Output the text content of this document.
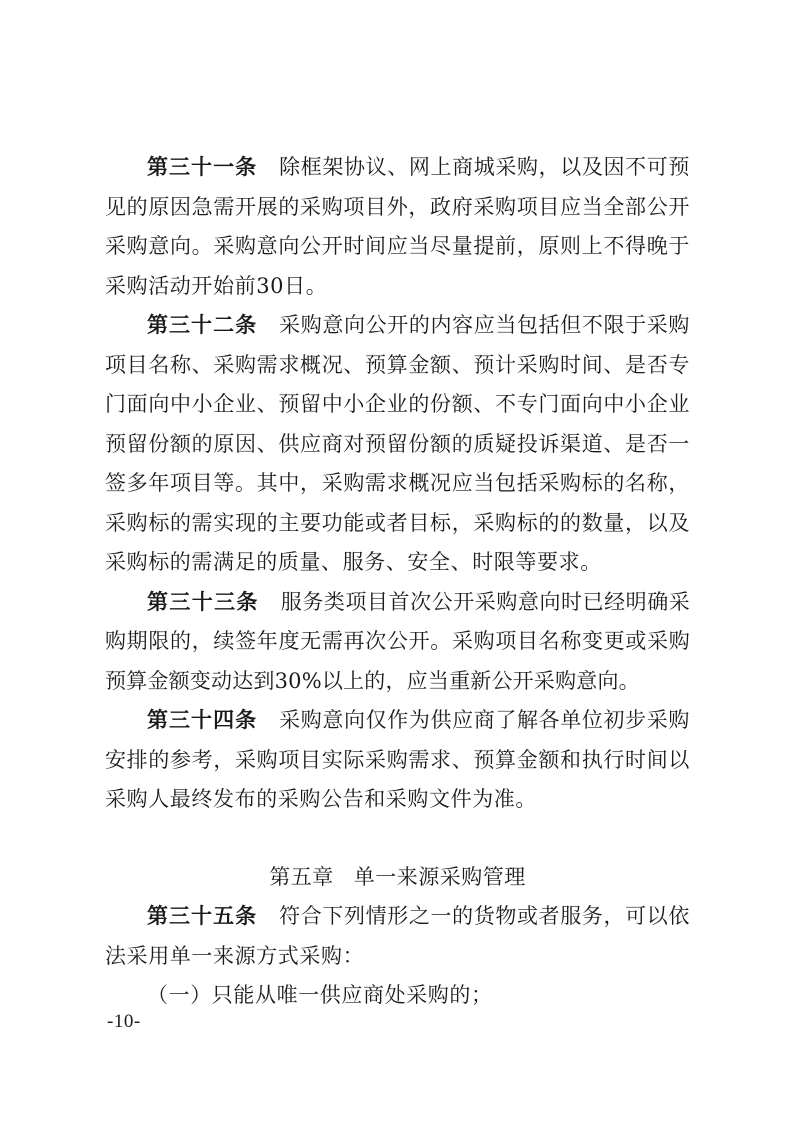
第三十一条 除框架协议、网上商城采购，以及因不可预见的原因急需开展的采购项目外，政府采购项目应当全部公开采购意向。采购意向公开时间应当尽量提前，原则上不得晚于采购活动开始前30日。

第三十二条 采购意向公开的内容应当包括但不限于采购项目名称、采购需求概况、预算金额、预计采购时间、是否专门面向中小企业、预留中小企业的份额、不专门面向中小企业预留份额的原因、供应商对预留份额的质疑投诉渠道、是否一签多年项目等。其中，采购需求概况应当包括采购标的名称，采购标的需实现的主要功能或者目标，采购标的的数量，以及采购标的需满足的质量、服务、安全、时限等要求。

第三十三条 服务类项目首次公开采购意向时已经明确采购期限的，续签年度无需再次公开。采购项目名称变更或采购预算金额变动达到30%以上的，应当重新公开采购意向。

第三十四条 采购意向仅作为供应商了解各单位初步采购安排的参考，采购项目实际采购需求、预算金额和执行时间以采购人最终发布的采购公告和采购文件为准。

第五章 单一来源采购管理

第三十五条 符合下列情形之一的货物或者服务，可以依法采用单一来源方式采购：

（一）只能从唯一供应商处采购的；

-10-
